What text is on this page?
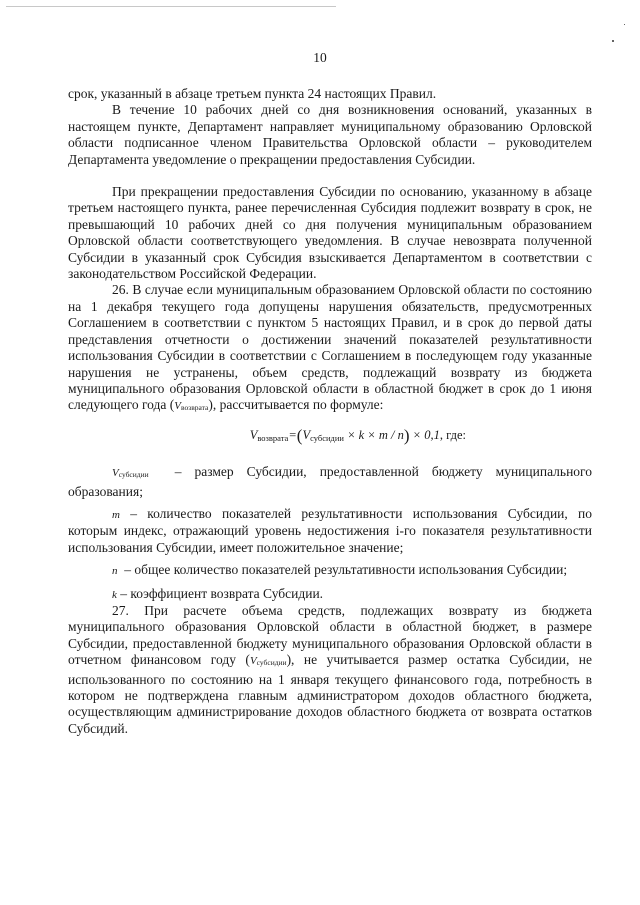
10

срок, указанный в абзаце третьем пункта 24 настоящих Правил.

В течение 10 рабочих дней со дня возникновения оснований, указанных в настоящем пункте, Департамент направляет муниципальному образованию Орловской области подписанное членом Правительства Орловской области – руководителем Департамента уведомление о прекращении предоставления Субсидии.

При прекращении предоставления Субсидии по основанию, указанному в абзаце третьем настоящего пункта, ранее перечисленная Субсидия подлежит возврату в срок, не превышающий 10 рабочих дней со дня получения муниципальным образованием Орловской области соответствующего уведомления. В случае невозврата полученной Субсидии в указанный срок Субсидия взыскивается Департаментом в соответствии с законодательством Российской Федерации.

26. В случае если муниципальным образованием Орловской области по состоянию на 1 декабря текущего года допущены нарушения обязательств, предусмотренных Соглашением в соответствии с пунктом 5 настоящих Правил, и в срок до первой даты представления отчетности о достижении значений показателей результативности использования Субсидии в соответствии с Соглашением в последующем году указанные нарушения не устранены, объем средств, подлежащий возврату из бюджета муниципального образования Орловской области в областной бюджет в срок до 1 июня следующего года (Vвозврата), рассчитывается по формуле:

$V_{возврата}=(V_{субсидии} \times k \times m / n) \times 0,1$, где:

Vсубсидии – размер Субсидии, предоставленной бюджету муниципального образования;

m – количество показателей результативности использования Субсидии, по которым индекс, отражающий уровень недостижения i-го показателя результативности использования Субсидии, имеет положительное значение;

n – общее количество показателей результативности использования Субсидии;

k – коэффициент возврата Субсидии.

27. При расчете объема средств, подлежащих возврату из бюджета муниципального образования Орловской области в областной бюджет, в размере Субсидии, предоставленной бюджету муниципального образования Орловской области в отчетном финансовом году (Vсубсидии), не учитывается размер остатка Субсидии, не использованного по состоянию на 1 января текущего финансового года, потребность в котором не подтверждена главным администратором доходов областного бюджета, осуществляющим администрирование доходов областного бюджета от возврата остатков Субсидий.
